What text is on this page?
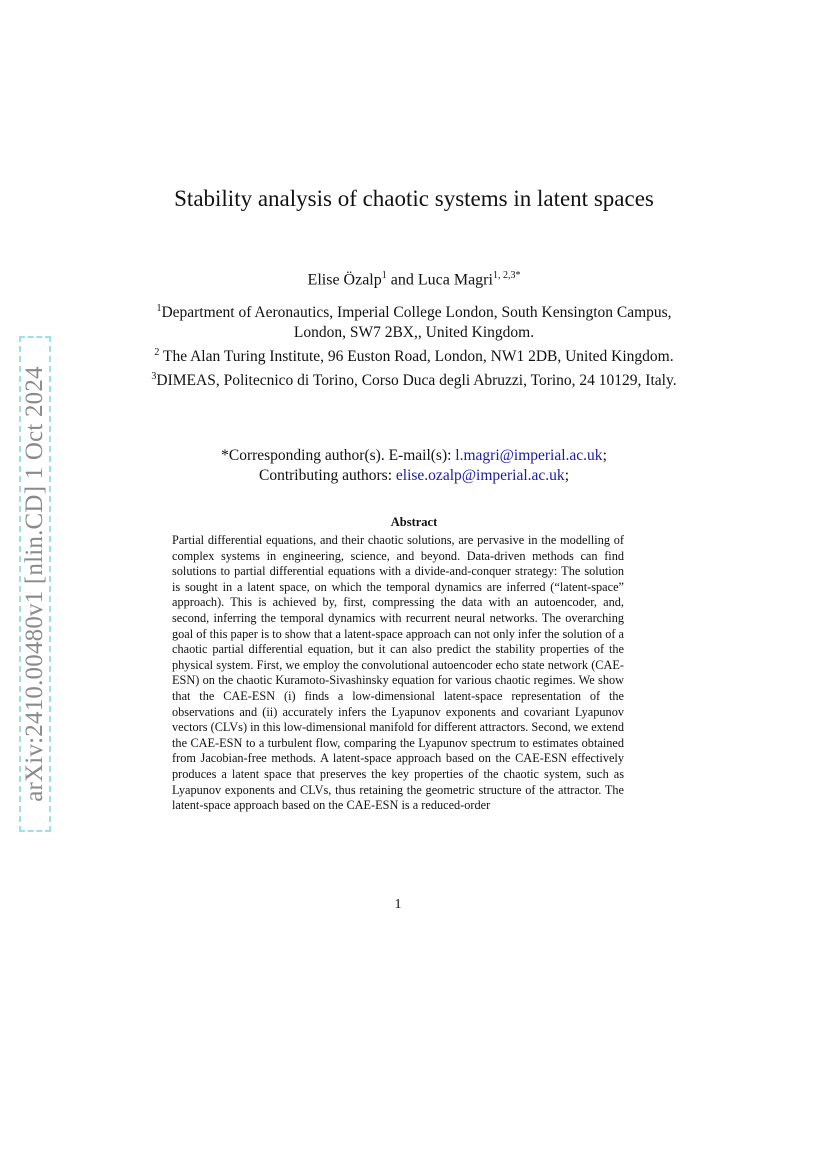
arXiv:2410.00480v1 [nlin.CD] 1 Oct 2024
Stability analysis of chaotic systems in latent spaces
Elise Özalp$^1$ and Luca Magri$^{1, 2,3*}$

$^1$Department of Aeronautics, Imperial College London, South Kensington Campus, London, SW7 2BX,, United Kingdom.

$^2$ The Alan Turing Institute, 96 Euston Road, London, NW1 2DB, United Kingdom.

$^3$DIMEAS, Politecnico di Torino, Corso Duca degli Abruzzi, Torino, 24 10129, Italy.

*Corresponding author(s). E-mail(s): l.magri@imperial.ac.uk;

Contributing authors: elise.ozalp@imperial.ac.uk;

Abstract

Partial differential equations, and their chaotic solutions, are pervasive in the modelling of complex systems in engineering, science, and beyond. Data-driven methods can find solutions to partial differential equations with a divide-and-conquer strategy: The solution is sought in a latent space, on which the temporal dynamics are inferred (“latent-space” approach). This is achieved by, first, compressing the data with an autoencoder, and, second, inferring the temporal dynamics with recurrent neural networks. The overarching goal of this paper is to show that a latent-space approach can not only infer the solution of a chaotic partial differential equation, but it can also predict the stability properties of the physical system. First, we employ the convolutional autoencoder echo state network (CAE-ESN) on the chaotic Kuramoto-Sivashinsky equation for various chaotic regimes. We show that the CAE-ESN (i) finds a low-dimensional latent-space representation of the observations and (ii) accurately infers the Lyapunov exponents and covariant Lyapunov vectors (CLVs) in this low-dimensional manifold for different attractors. Second, we extend the CAE-ESN to a turbulent flow, comparing the Lyapunov spectrum to estimates obtained from Jacobian-free methods. A latent-space approach based on the CAE-ESN effectively produces a latent space that preserves the key properties of the chaotic system, such as Lyapunov exponents and CLVs, thus retaining the geometric structure of the attractor. The latent-space approach based on the CAE-ESN is a reduced-order

1
